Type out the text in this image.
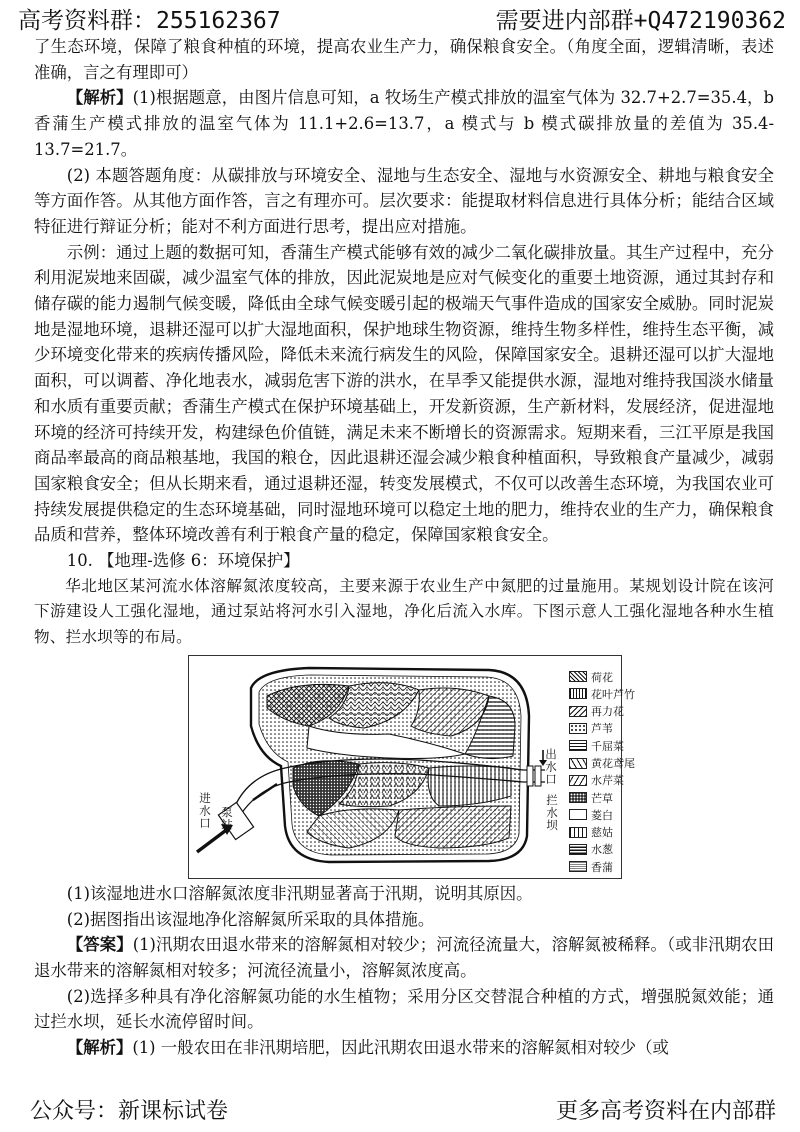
高考资料群：255162367	需要进内部群+Q472190362

了生态环境，保障了粮食种植的环境，提高农业生产力，确保粮食安全。（角度全面，逻辑清晰，表述准确，言之有理即可）

【解析】(1)根据题意，由图片信息可知，a 牧场生产模式排放的温室气体为 32.7+2.7=35.4，b 香蒲生产模式排放的温室气体为 11.1+2.6=13.7，a 模式与 b 模式碳排放量的差值为 35.4-13.7=21.7。

(2) 本题答题角度：从碳排放与环境安全、湿地与生态安全、湿地与水资源安全、耕地与粮食安全等方面作答。从其他方面作答，言之有理亦可。层次要求：能提取材料信息进行具体分析；能结合区域特征进行辩证分析；能对不利方面进行思考，提出应对措施。

示例：通过上题的数据可知，香蒲生产模式能够有效的减少二氧化碳排放量。其生产过程中，充分利用泥炭地来固碳，减少温室气体的排放，因此泥炭地是应对气候变化的重要土地资源，通过其封存和储存碳的能力遏制气候变暖，降低由全球气候变暖引起的极端天气事件造成的国家安全威胁。同时泥炭地是湿地环境，退耕还湿可以扩大湿地面积，保护地球生物资源，维持生物多样性，维持生态平衡，减少环境变化带来的疾病传播风险，降低未来流行病发生的风险，保障国家安全。退耕还湿可以扩大湿地面积，可以调蓄、净化地表水，减弱危害下游的洪水，在旱季又能提供水源，湿地对维持我国淡水储量和水质有重要贡献；香蒲生产模式在保护环境基础上，开发新资源，生产新材料，发展经济，促进湿地环境的经济可持续开发，构建绿色价值链，满足未来不断增长的资源需求。短期来看，三江平原是我国商品率最高的商品粮基地，我国的粮仓，因此退耕还湿会减少粮食种植面积，导致粮食产量减少，减弱国家粮食安全；但从长期来看，通过退耕还湿，转变发展模式，不仅可以改善生态环境，为我国农业可持续发展提供稳定的生态环境基础，同时湿地环境可以稳定土地的肥力，维持农业的生产力，确保粮食品质和营养，整体环境改善有利于粮食产量的稳定，保障国家粮食安全。

10. 【地理-选修 6：环境保护】

华北地区某河流水体溶解氮浓度较高，主要来源于农业生产中氮肥的过量施用。某规划设计院在该河下游建设人工强化湿地，通过泵站将河水引入湿地，净化后流入水库。下图示意人工强化湿地各种水生植物、拦水坝等的布局。

进水口 泵站
出水口
拦水坝
荷花
花叶芦竹
再力花
芦苇
千屈菜
黄花鸢尾
水芹菜
芒草
菱白
慈姑
水葱
香蒲

(1)该湿地进水口溶解氮浓度非汛期显著高于汛期，说明其原因。

(2)据图指出该湿地净化溶解氮所采取的具体措施。

【答案】(1)汛期农田退水带来的溶解氮相对较少；河流径流量大，溶解氮被稀释。（或非汛期农田退水带来的溶解氮相对较多；河流径流量小，溶解氮浓度高。

(2)选择多种具有净化溶解氮功能的水生植物；采用分区交替混合种植的方式，增强脱氮效能；通过拦水坝，延长水流停留时间。

【解析】(1) 一般农田在非汛期培肥，因此汛期农田退水带来的溶解氮相对较少（或

公众号：新课标试卷	更多高考资料在内部群
